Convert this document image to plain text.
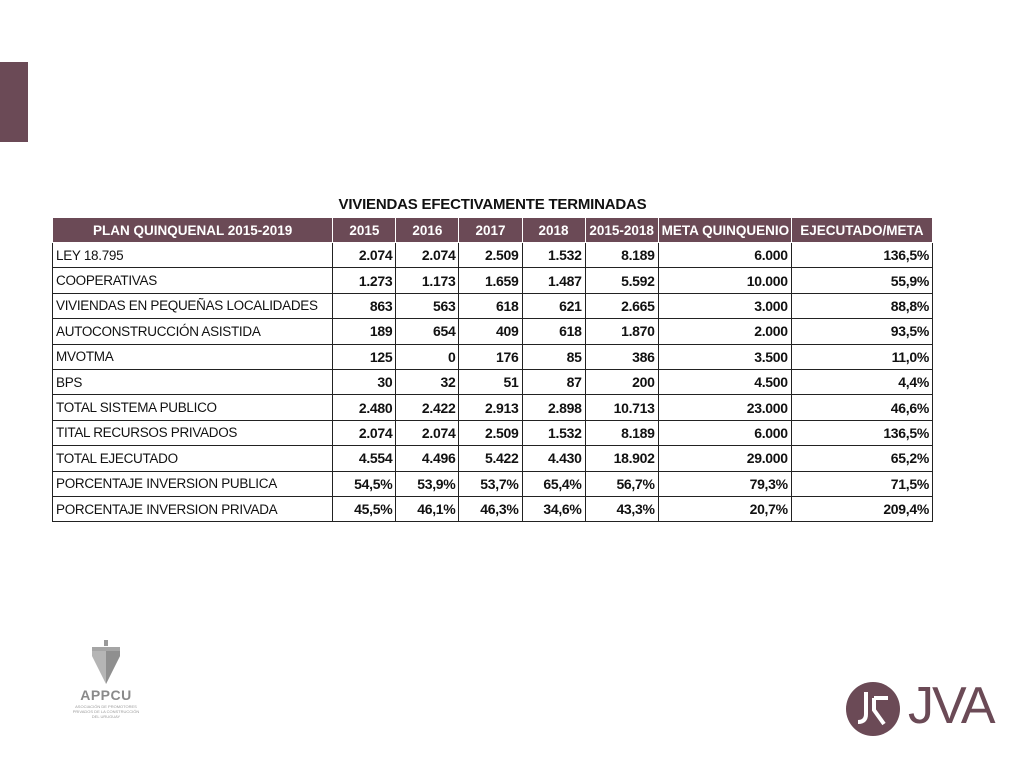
VIVIENDAS EFECTIVAMENTE TERMINADAS
PLAN QUINQUENAL 2015-2019	2015	2016	2017	2018	2015-2018	META QUINQUENIO	EJECUTADO/META
LEY 18.795	2.074	2.074	2.509	1.532	8.189	6.000	136,5%
COOPERATIVAS	1.273	1.173	1.659	1.487	5.592	10.000	55,9%
VIVIENDAS EN PEQUEÑAS LOCALIDADES	863	563	618	621	2.665	3.000	88,8%
AUTOCONSTRUCCIÓN ASISTIDA	189	654	409	618	1.870	2.000	93,5%
MVOTMA	125	0	176	85	386	3.500	11,0%
BPS	30	32	51	87	200	4.500	4,4%
TOTAL SISTEMA PUBLICO	2.480	2.422	2.913	2.898	10.713	23.000	46,6%
TITAL RECURSOS PRIVADOS	2.074	2.074	2.509	1.532	8.189	6.000	136,5%
TOTAL EJECUTADO	4.554	4.496	5.422	4.430	18.902	29.000	65,2%
PORCENTAJE INVERSION PUBLICA	54,5%	53,9%	53,7%	65,4%	56,7%	79,3%	71,5%
PORCENTAJE INVERSION PRIVADA	45,5%	46,1%	46,3%	34,6%	43,3%	20,7%	209,4%
APPCU
ASOCIACIÓN DE PROMOTORES PRIVADOS DE LA CONSTRUCCIÓN DEL URUGUAY	JVA
